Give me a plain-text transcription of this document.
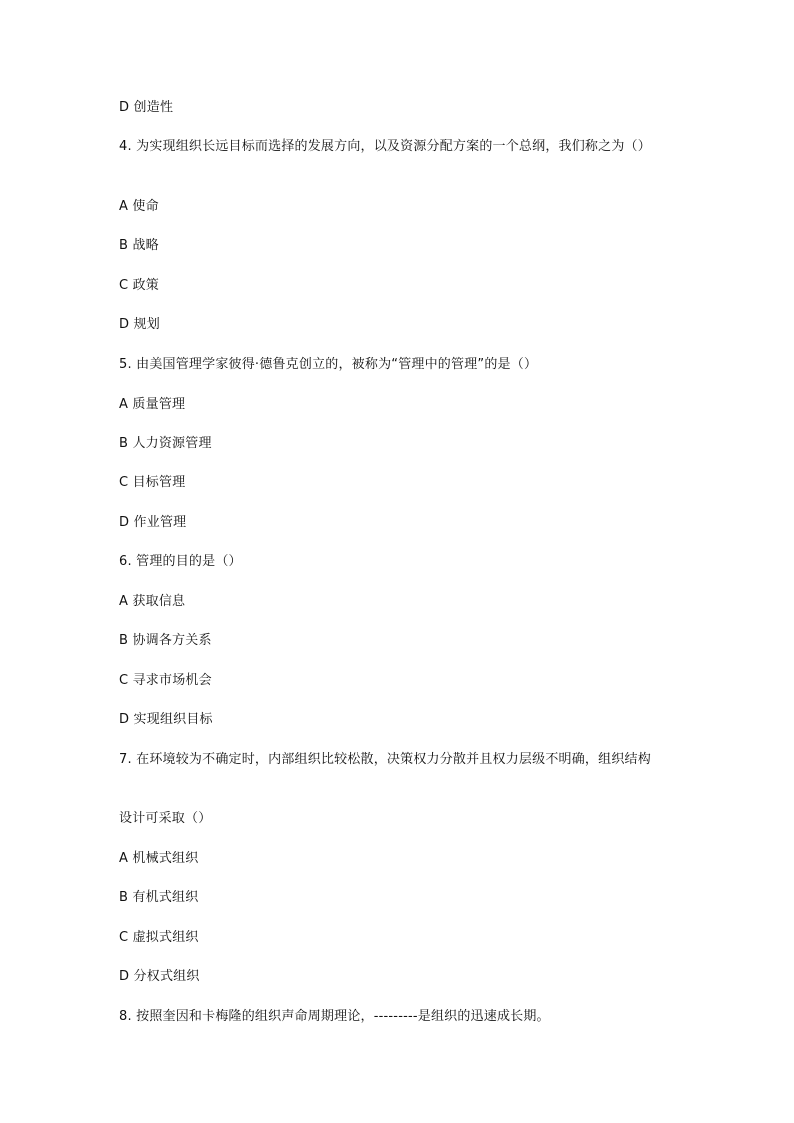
D 创造性
4. 为实现组织长远目标而选择的发展方向，以及资源分配方案的一个总纲，我们称之为（）
A 使命
B 战略
C 政策
D 规划
5. 由美国管理学家彼得·德鲁克创立的，被称为“管理中的管理”的是（）
A 质量管理
B 人力资源管理
C 目标管理
D 作业管理
6. 管理的目的是（）
A 获取信息
B 协调各方关系
C 寻求市场机会
D 实现组织目标
7. 在环境较为不确定时，内部组织比较松散，决策权力分散并且权力层级不明确，组织结构
设计可采取（）
A 机械式组织
B 有机式组织
C 虚拟式组织
D 分权式组织
8. 按照奎因和卡梅隆的组织声命周期理论，---------是组织的迅速成长期。
